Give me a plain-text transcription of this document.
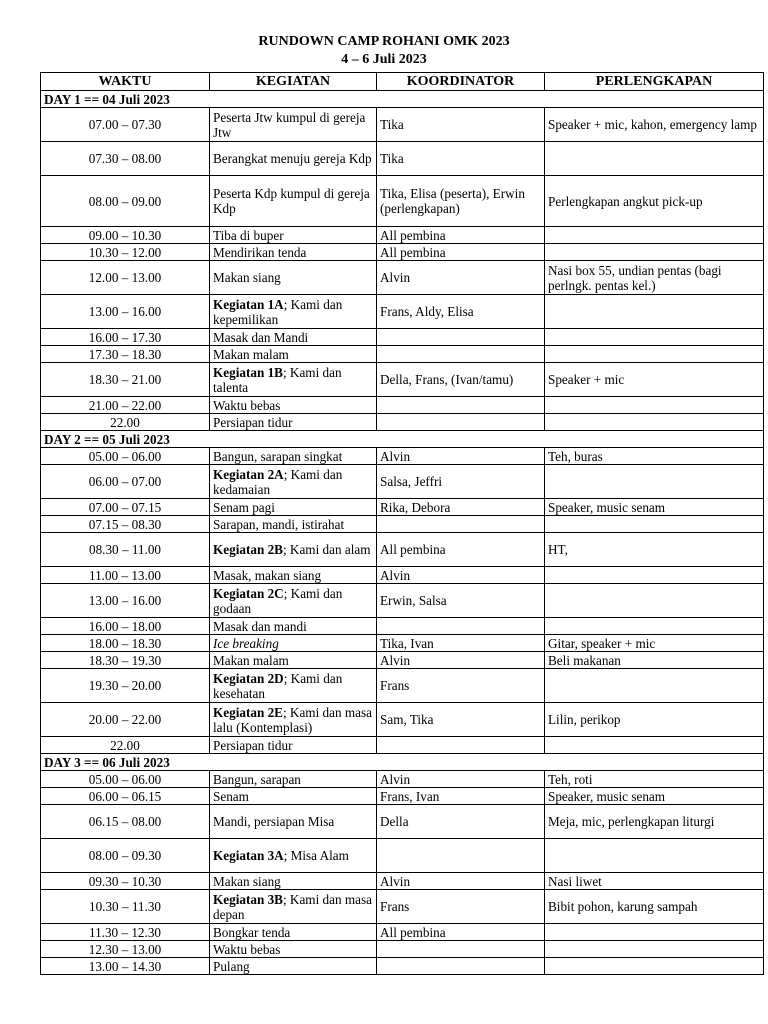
RUNDOWN CAMP ROHANI OMK 2023
4 – 6 Juli 2023
WAKTU	KEGIATAN	KOORDINATOR	PERLENGKAPAN
DAY 1 == 04 Juli 2023			
07.00 – 07.30	Peserta Jtw kumpul di gereja Jtw	Tika	Speaker + mic, kahon, emergency lamp
07.30 – 08.00	Berangkat menuju gereja Kdp	Tika	
08.00 – 09.00	Peserta Kdp kumpul di gereja Kdp	Tika, Elisa (peserta), Erwin (perlengkapan)	Perlengkapan angkut pick-up
09.00 – 10.30	Tiba di buper	All pembina	
10.30 – 12.00	Mendirikan tenda	All pembina	
12.00 – 13.00	Makan siang	Alvin	Nasi box 55, undian pentas (bagi perlngk. pentas kel.)
13.00 – 16.00	Kegiatan 1A; Kami dan kepemilikan	Frans, Aldy, Elisa	
16.00 – 17.30	Masak dan Mandi		
17.30 – 18.30	Makan malam		
18.30 – 21.00	Kegiatan 1B; Kami dan talenta	Della, Frans, (Ivan/tamu)	Speaker + mic
21.00 – 22.00	Waktu bebas		
22.00	Persiapan tidur		
DAY 2 == 05 Juli 2023			
05.00 – 06.00	Bangun, sarapan singkat	Alvin	Teh, buras
06.00 – 07.00	Kegiatan 2A; Kami dan kedamaian	Salsa, Jeffri	
07.00 – 07.15	Senam pagi	Rika, Debora	Speaker, music senam
07.15 – 08.30	Sarapan, mandi, istirahat		
08.30 – 11.00	Kegiatan 2B; Kami dan alam	All pembina	HT,
11.00 – 13.00	Masak, makan siang	Alvin	
13.00 – 16.00	Kegiatan 2C; Kami dan godaan	Erwin, Salsa	
16.00 – 18.00	Masak dan mandi		
18.00 – 18.30	Ice breaking	Tika, Ivan	Gitar, speaker + mic
18.30 – 19.30	Makan malam	Alvin	Beli makanan
19.30 – 20.00	Kegiatan 2D; Kami dan kesehatan	Frans	
20.00 – 22.00	Kegiatan 2E; Kami dan masa lalu (Kontemplasi)	Sam, Tika	Lilin, perikop
22.00	Persiapan tidur		
DAY 3 == 06 Juli 2023			
05.00 – 06.00	Bangun, sarapan	Alvin	Teh, roti
06.00 – 06.15	Senam	Frans, Ivan	Speaker, music senam
06.15 – 08.00	Mandi, persiapan Misa	Della	Meja, mic, perlengkapan liturgi
08.00 – 09.30	Kegiatan 3A; Misa Alam		
09.30 – 10.30	Makan siang	Alvin	Nasi liwet
10.30 – 11.30	Kegiatan 3B; Kami dan masa depan	Frans	Bibit pohon, karung sampah
11.30 – 12.30	Bongkar tenda	All pembina	
12.30 – 13.00	Waktu bebas		
13.00 – 14.30	Pulang		
